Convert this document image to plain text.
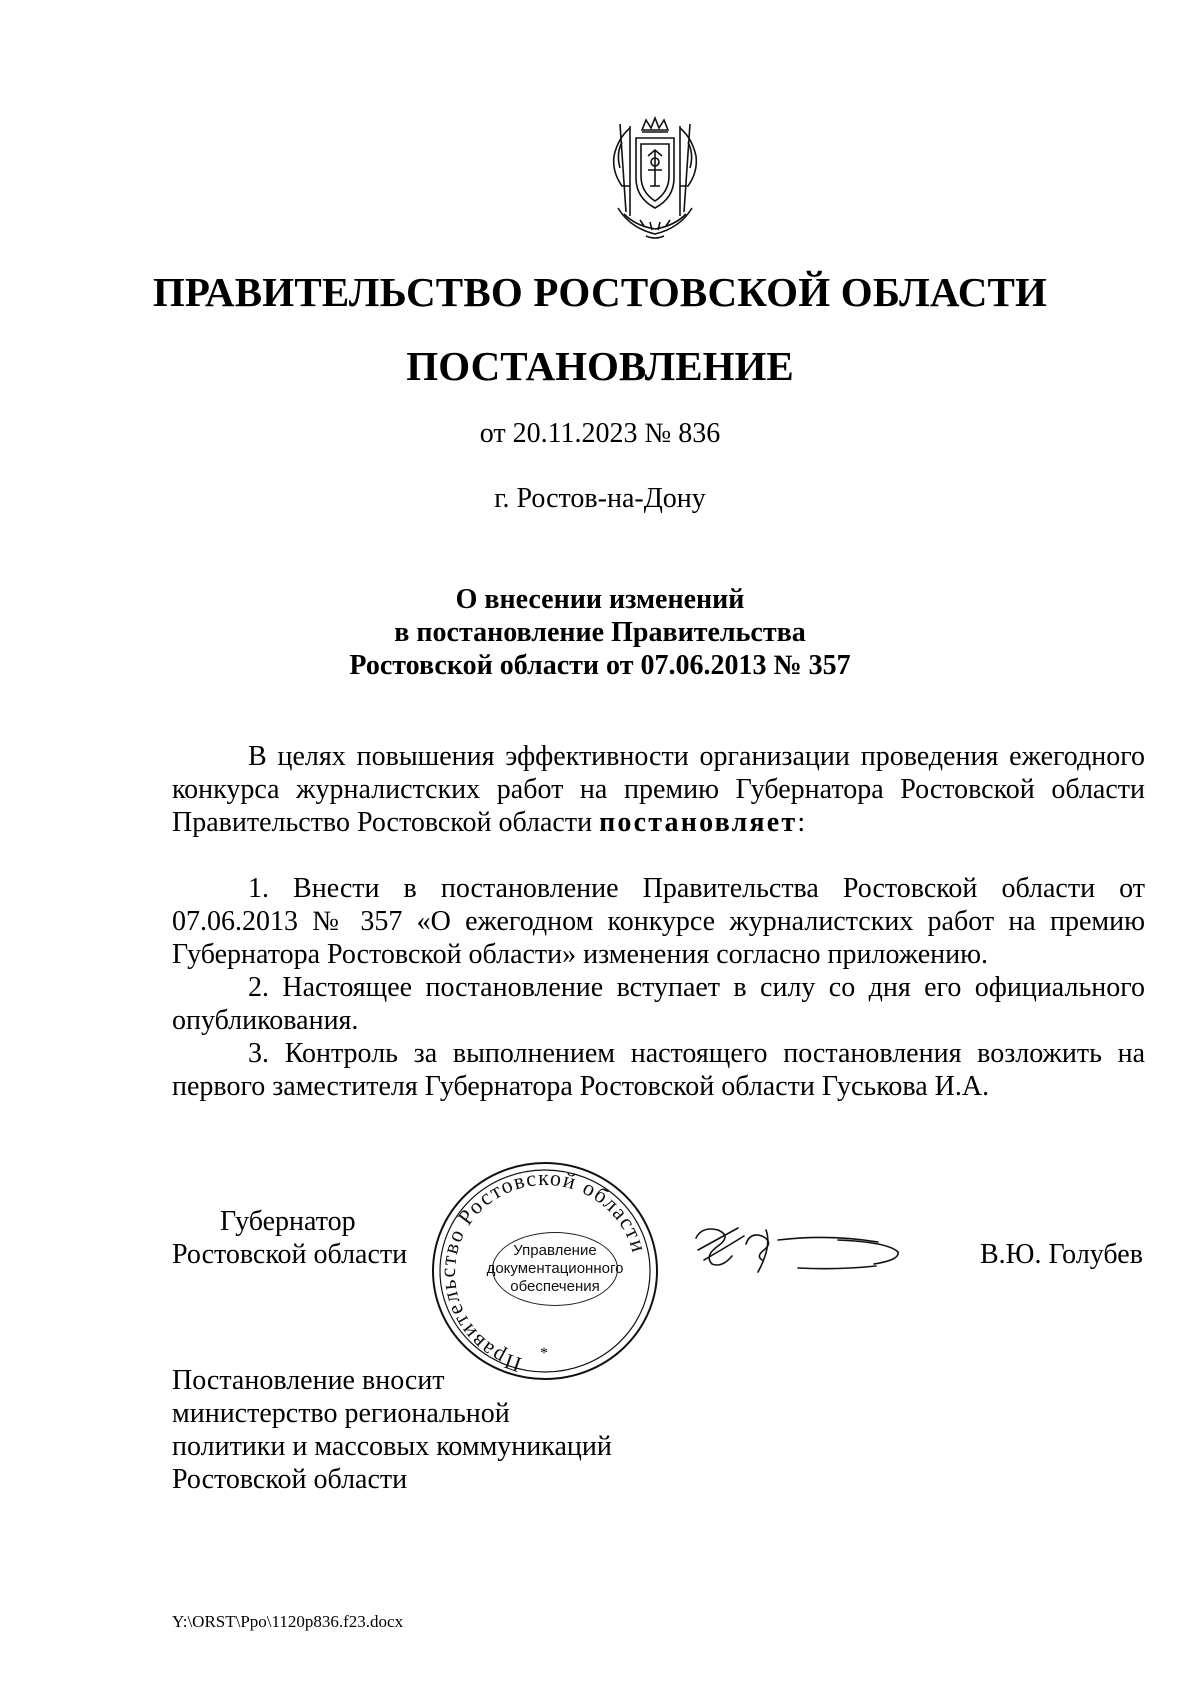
ПРАВИТЕЛЬСТВО РОСТОВСКОЙ ОБЛАСТИ
ПОСТАНОВЛЕНИЕ
от 20.11.2023 № 836
г. Ростов-на-Дону
О внесении изменений
в постановление Правительства
Ростовской области от 07.06.2013 № 357

В целях повышения эффективности организации проведения ежегодного конкурса журналистских работ на премию Губернатора Ростовской области Правительство Ростовской области постановляет:

1. Внести в постановление Правительства Ростовской области от 07.06.2013 № 357 «О ежегодном конкурсе журналистских работ на премию Губернатора Ростовской области» изменения согласно приложению.

2. Настоящее постановление вступает в силу со дня его официального опубликования.

3. Контроль за выполнением настоящего постановления возложить на первого заместителя Губернатора Ростовской области Гуськова И.А.

Губернатор
Ростовской области
Правительство Ростовской области
Управление
документационного
обеспечения
*
В.Ю. Голубев
Постановление вносит
министерство региональной
политики и массовых коммуникаций
Ростовской области
Y:\ORST\Ppo\1120p836.f23.docx
